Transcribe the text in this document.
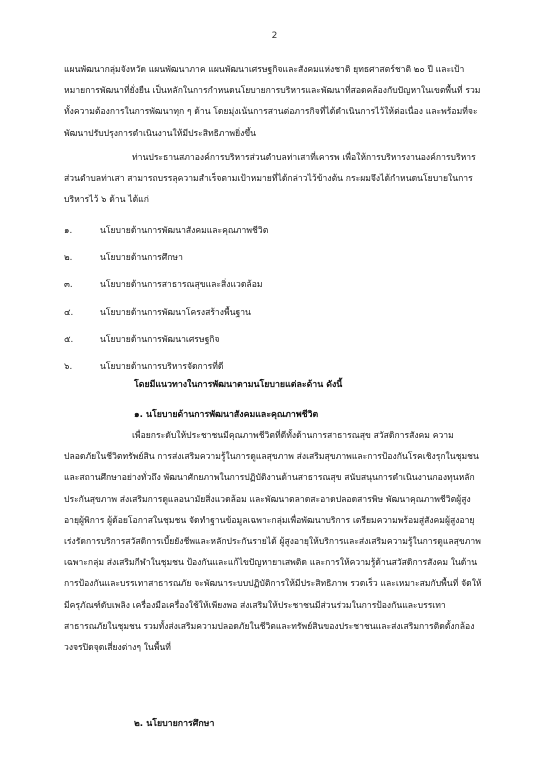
2

แผนพัฒนากลุ่มจังหวัด แผนพัฒนาภาค แผนพัฒนาเศรษฐกิจและสังคมแห่งชาติ ยุทธศาสตร์ชาติ ๒๐ ปี และเป้าหมายการพัฒนาที่ยั่งยืน เป็นหลักในการกำหนดนโยบายการบริหารและพัฒนาที่สอดคล้องกับปัญหาในเขตพื้นที่ รวมทั้งความต้องการในการพัฒนาทุก ๆ ด้าน โดยมุ่งเน้นการสานต่อภารกิจที่ได้ดำเนินการไว้ให้ต่อเนื่อง และพร้อมที่จะพัฒนาปรับปรุงการดำเนินงานให้มีประสิทธิภาพยิ่งขึ้น

ท่านประธานสภาองค์การบริหารส่วนตำบลท่าเสาที่เคารพ เพื่อให้การบริหารงานองค์การบริหารส่วนตำบลท่าเสา สามารถบรรลุความสำเร็จตามเป้าหมายที่ได้กล่าวไว้ข้างต้น กระผมจึงได้กำหนดนโยบายในการบริหารไว้ ๖ ด้าน ได้แก่

๑.	นโยบายด้านการพัฒนาสังคมและคุณภาพชีวิต
๒.	นโยบายด้านการศึกษา
๓.	นโยบายด้านการสาธารณสุขและสิ่งแวดล้อม
๔.	นโยบายด้านการพัฒนาโครงสร้างพื้นฐาน
๕.	นโยบายด้านการพัฒนาเศรษฐกิจ
๖.	นโยบายด้านการบริหารจัดการที่ดี
โดยมีแนวทางในการพัฒนาตามนโยบายแต่ละด้าน ดังนี้
๑. นโยบายด้านการพัฒนาสังคมและคุณภาพชีวิต

เพื่อยกระดับให้ประชาชนมีคุณภาพชีวิตที่ดีทั้งด้านการสาธารณสุข สวัสดิการสังคม ความปลอดภัยในชีวิตทรัพย์สิน การส่งเสริมความรู้ในการดูแลสุขภาพ ส่งเสริมสุขภาพและการป้องกันโรคเชิงรุกในชุมชนและสถานศึกษาอย่างทั่วถึง พัฒนาศักยภาพในการปฏิบัติงานด้านสาธารณสุข สนับสนุนการดำเนินงานกองทุนหลักประกันสุขภาพ ส่งเสริมการดูแลอนามัยสิ่งแวดล้อม และพัฒนาตลาดสะอาดปลอดสารพิษ พัฒนาคุณภาพชีวิตผู้สูงอายุผู้พิการ ผู้ด้อยโอกาสในชุมชน จัดทำฐานข้อมูลเฉพาะกลุ่มเพื่อพัฒนาบริการ เตรียมความพร้อมสู่สังคมผู้สูงอายุ เร่งรัดการบริการสวัสดิการเบี้ยยังชีพและหลักประกันรายได้ ผู้สูงอายุให้บริการและส่งเสริมความรู้ในการดูแลสุขภาพเฉพาะกลุ่ม ส่งเสริมกีฬาในชุมชน ป้องกันและแก้ไขปัญหายาเสพติด และการให้ความรู้ด้านสวัสดิการสังคม ในด้านการป้องกันและบรรเทาสาธารณภัย จะพัฒนาระบบปฏิบัติการให้มีประสิทธิภาพ รวดเร็ว และเหมาะสมกับพื้นที่ จัดให้มีครุภัณฑ์ดับเพลิง เครื่องมือเครื่องใช้ให้เพียงพอ ส่งเสริมให้ประชาชนมีส่วนร่วมในการป้องกันและบรรเทาสาธารณภัยในชุมชน รวมทั้งส่งเสริมความปลอดภัยในชีวิตและทรัพย์สินของประชาชนและส่งเสริมการติดตั้งกล้องวงจรปิดจุดเสี่ยงต่างๆ ในพื้นที่

๒. นโยบายการศึกษา
